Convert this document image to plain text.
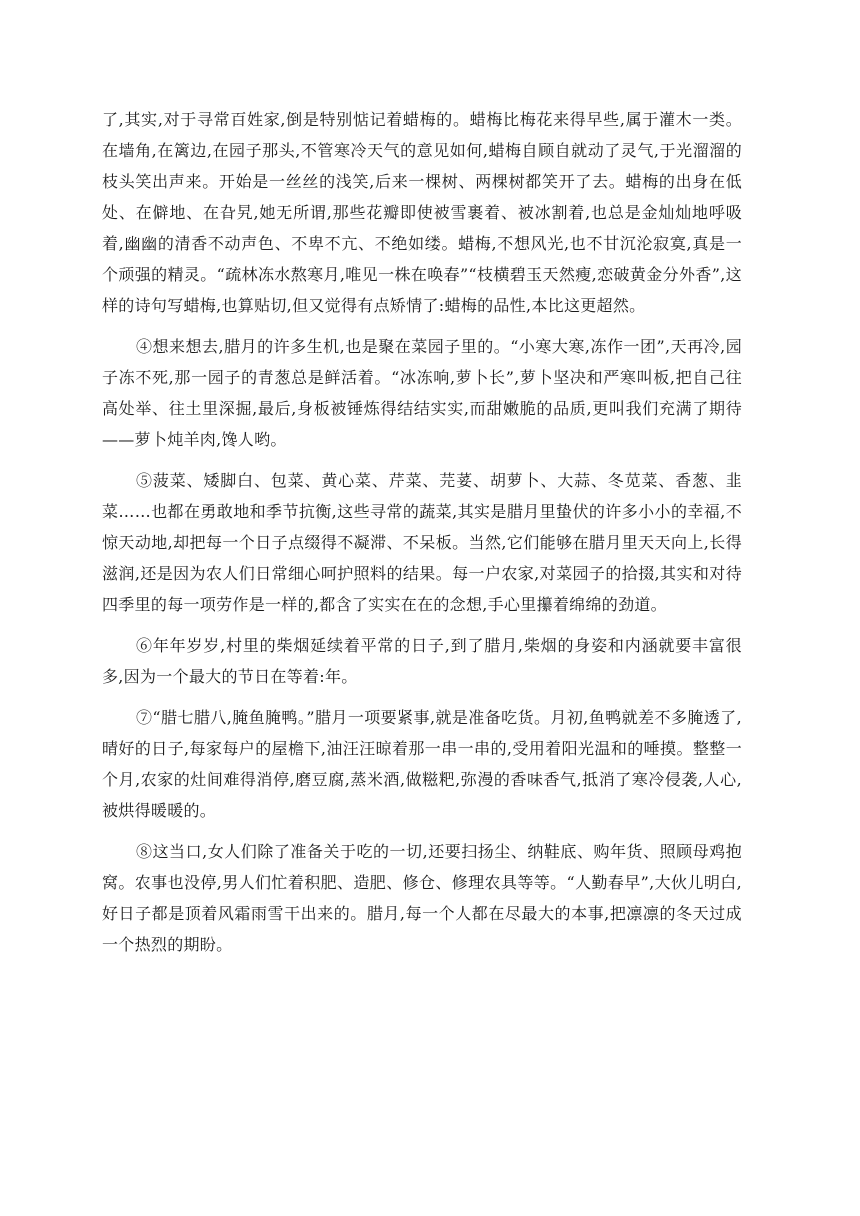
了,其实,对于寻常百姓家,倒是特别惦记着蜡梅的。蜡梅比梅花来得早些,属于灌木一类。在墙角,在篱边,在园子那头,不管寒冷天气的意见如何,蜡梅自顾自就动了灵气,于光溜溜的枝头笑出声来。开始是一丝丝的浅笑,后来一棵树、两棵树都笑开了去。蜡梅的出身在低处、在僻地、在旮旯,她无所谓,那些花瓣即使被雪裹着、被冰割着,也总是金灿灿地呼吸着,幽幽的清香不动声色、不卑不亢、不绝如缕。蜡梅,不想风光,也不甘沉沦寂寞,真是一个顽强的精灵。“疏林冻水熬寒月,唯见一株在唤春”“枝横碧玉天然瘦,恋破黄金分外香”,这样的诗句写蜡梅,也算贴切,但又觉得有点矫情了:蜡梅的品性,本比这更超然。

④想来想去,腊月的许多生机,也是聚在菜园子里的。“小寒大寒,冻作一团”,天再冷,园子冻不死,那一园子的青葱总是鲜活着。“冰冻响,萝卜长”,萝卜坚决和严寒叫板,把自己往高处举、往土里深掘,最后,身板被锤炼得结结实实,而甜嫩脆的品质,更叫我们充满了期待——萝卜炖羊肉,馋人哟。

⑤菠菜、矮脚白、包菜、黄心菜、芹菜、芫荽、胡萝卜、大蒜、冬苋菜、香葱、韭菜……也都在勇敢地和季节抗衡,这些寻常的蔬菜,其实是腊月里蛰伏的许多小小的幸福,不惊天动地,却把每一个日子点缀得不凝滞、不呆板。当然,它们能够在腊月里天天向上,长得滋润,还是因为农人们日常细心呵护照料的结果。每一户农家,对菜园子的拾掇,其实和对待四季里的每一项劳作是一样的,都含了实实在在的念想,手心里攥着绵绵的劲道。

⑥年年岁岁,村里的柴烟延续着平常的日子,到了腊月,柴烟的身姿和内涵就要丰富很多,因为一个最大的节日在等着:年。

⑦“腊七腊八,腌鱼腌鸭。”腊月一项要紧事,就是准备吃货。月初,鱼鸭就差不多腌透了,晴好的日子,每家每户的屋檐下,油汪汪晾着那一串一串的,受用着阳光温和的唾摸。整整一个月,农家的灶间难得消停,磨豆腐,蒸米酒,做糍粑,弥漫的香味香气,抵消了寒冷侵袭,人心,被烘得暖暖的。

⑧这当口,女人们除了准备关于吃的一切,还要扫扬尘、纳鞋底、购年货、照顾母鸡抱窝。农事也没停,男人们忙着积肥、造肥、修仓、修理农具等等。“人勤春早”,大伙儿明白,好日子都是顶着风霜雨雪干出来的。腊月,每一个人都在尽最大的本事,把凛凛的冬天过成一个热烈的期盼。
